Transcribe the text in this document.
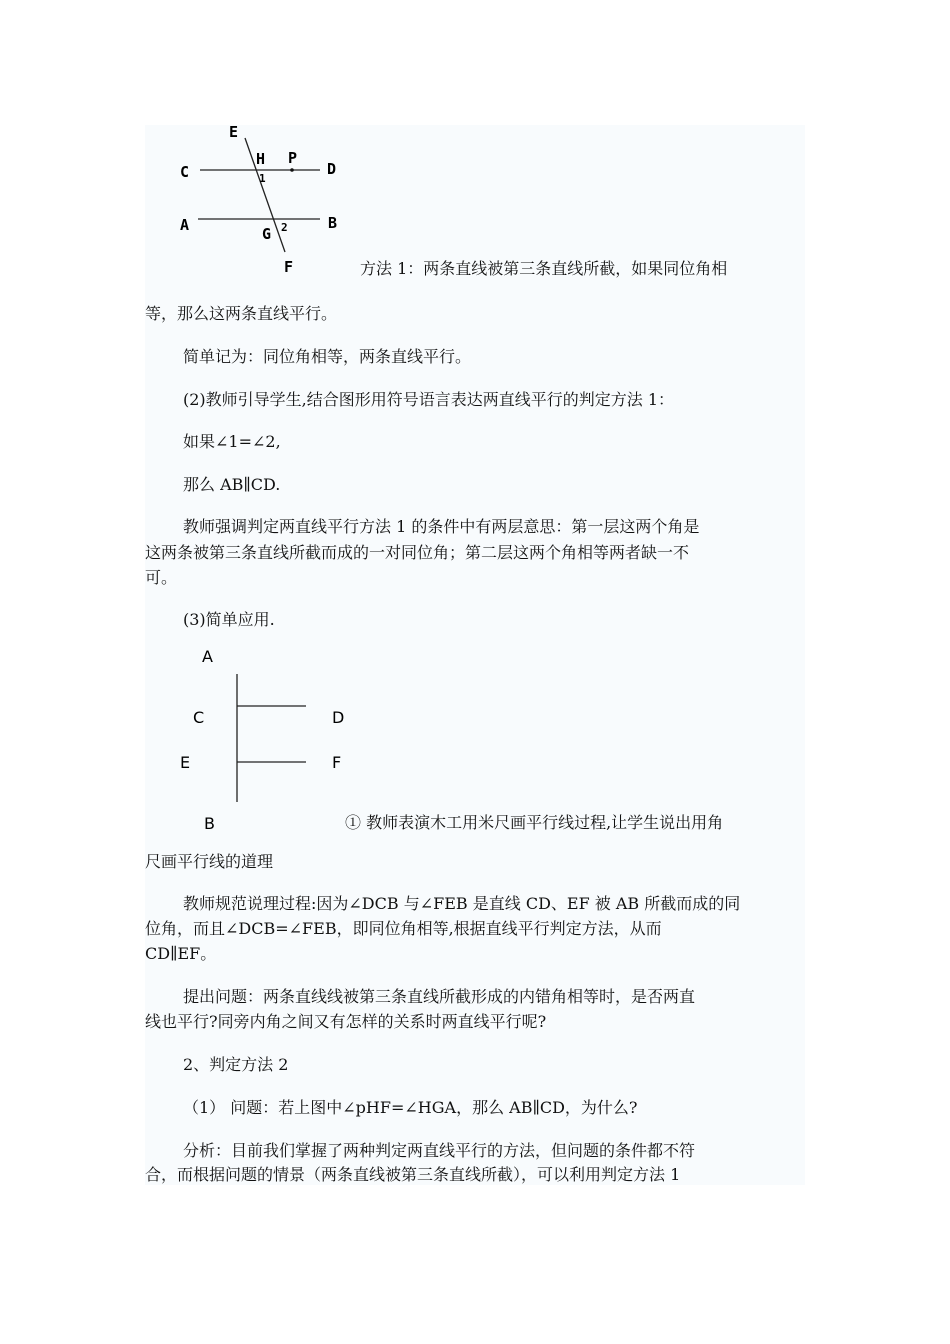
E
H P
C	D
1
A	B
G 2
F	方法 1：两条直线被第三条直线所截，如果同位角相
等，那么这两条直线平行。
简单记为：同位角相等，两条直线平行。
(2)教师引导学生,结合图形用符号语言表达两直线平行的判定方法 1：
如果∠1=∠2,
那么 AB∥CD.
教师强调判定两直线平行方法 1 的条件中有两层意思：第一层这两个角是
这两条被第三条直线所截而成的一对同位角；第二层这两个角相等两者缺一不
可。
(3)简单应用.
A
C	D
E	F
B	① 教师表演木工用米尺画平行线过程,让学生说出用角
尺画平行线的道理
教师规范说理过程:因为∠DCB 与∠FEB 是直线 CD、EF 被 AB 所截而成的同
位角，而且∠DCB=∠FEB，即同位角相等,根据直线平行判定方法，从而
CD∥EF。
提出问题：两条直线线被第三条直线所截形成的内错角相等时，是否两直
线也平行?同旁内角之间又有怎样的关系时两直线平行呢?
2、判定方法 2
（1） 问题：若上图中∠pHF=∠HGA，那么 AB∥CD，为什么?
分析：目前我们掌握了两种判定两直线平行的方法，但问题的条件都不符
合，而根据问题的情景（两条直线被第三条直线所截），可以利用判定方法 1
